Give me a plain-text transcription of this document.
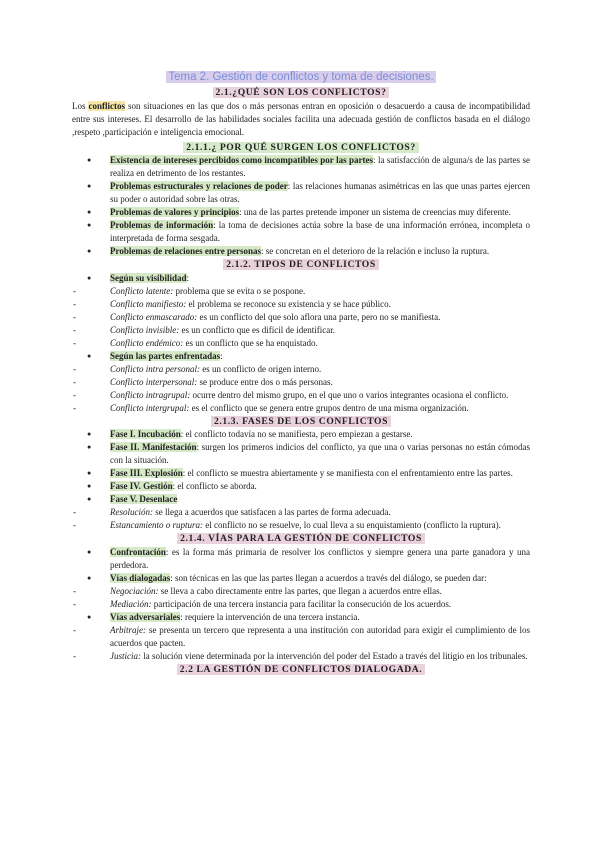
Tema 2. Gestión de conflictos y toma de decisiones.
2.1.¿QUÉ SON LOS CONFLICTOS?

Los conflictos son situaciones en las que dos o más personas entran en oposición o desacuerdo a causa de incompatibilidad entre sus intereses. El desarrollo de las habilidades sociales facilita una adecuada gestión de conflictos basada en el diálogo ,respeto ,participación e inteligencia emocional.

2.1.1.¿ POR QUÉ SURGEN LOS CONFLICTOS?
● Existencia de intereses percibidos como incompatibles por las partes: la satisfacción de alguna/s de las partes se realiza en detrimento de los restantes.
● Problemas estructurales y relaciones de poder: las relaciones humanas asimétricas en las que unas partes ejercen su poder o autoridad sobre las otras.
● Problemas de valores y principios: una de las partes pretende imponer un sistema de creencias muy diferente.
● Problemas de información: la toma de decisiones actúa sobre la base de una información errónea, incompleta o interpretada de forma sesgada.
● Problemas de relaciones entre personas: se concretan en el deterioro de la relación e incluso la ruptura.
2.1.2. TIPOS DE CONFLICTOS
● Según su visibilidad:
- Conflicto latente: problema que se evita o se pospone.
- Conflicto manifiesto: el problema se reconoce su existencia y se hace público.
- Conflicto enmascarado: es un conflicto del que solo aflora una parte, pero no se manifiesta.
- Conflicto invisible: es un conflicto que es difícil de identificar.
- Conflicto endémico: es un conflicto que se ha enquistado.
● Según las partes enfrentadas:
- Conflicto intra personal: es un conflicto de origen interno.
- Conflicto interpersonal: se produce entre dos o más personas.
- Conflicto intragrupal: ocurre dentro del mismo grupo, en el que uno o varios integrantes ocasiona el conflicto.
- Conflicto intergrupal: es el conflicto que se genera entre grupos dentro de una misma organización.
2.1.3. FASES DE LOS CONFLICTOS
● Fase I. Incubación: el conflicto todavía no se manifiesta, pero empiezan a gestarse.
● Fase II. Manifestación: surgen los primeros indicios del conflicto, ya que una o varias personas no están cómodas con la situación.
● Fase III. Explosión: el conflicto se muestra abiertamente y se manifiesta con el enfrentamiento entre las partes.
● Fase IV. Gestión: el conflicto se aborda.
● Fase V. Desenlace
- Resolución: se llega a acuerdos que satisfacen a las partes de forma adecuada.
- Estancamiento o ruptura: el conflicto no se resuelve, lo cual lleva a su enquistamiento (conflicto la ruptura).
2.1.4. VÍAS PARA LA GESTIÓN DE CONFLICTOS
● Confrontación: es la forma más primaria de resolver los conflictos y siempre genera una parte ganadora y una perdedora.
● Vías dialogadas: son técnicas en las que las partes llegan a acuerdos a través del diálogo, se pueden dar:
- Negociación: se lleva a cabo directamente entre las partes, que llegan a acuerdos entre ellas.
- Mediación: participación de una tercera instancia para facilitar la consecución de los acuerdos.
● Vías adversariales: requiere la intervención de una tercera instancia.
- Arbitraje: se presenta un tercero que representa a una institución con autoridad para exigir el cumplimiento de los acuerdos que pacten.
- Justicia: la solución viene determinada por la intervención del poder del Estado a través del litigio en los tribunales.
2.2 LA GESTIÓN DE CONFLICTOS DIALOGADA.
